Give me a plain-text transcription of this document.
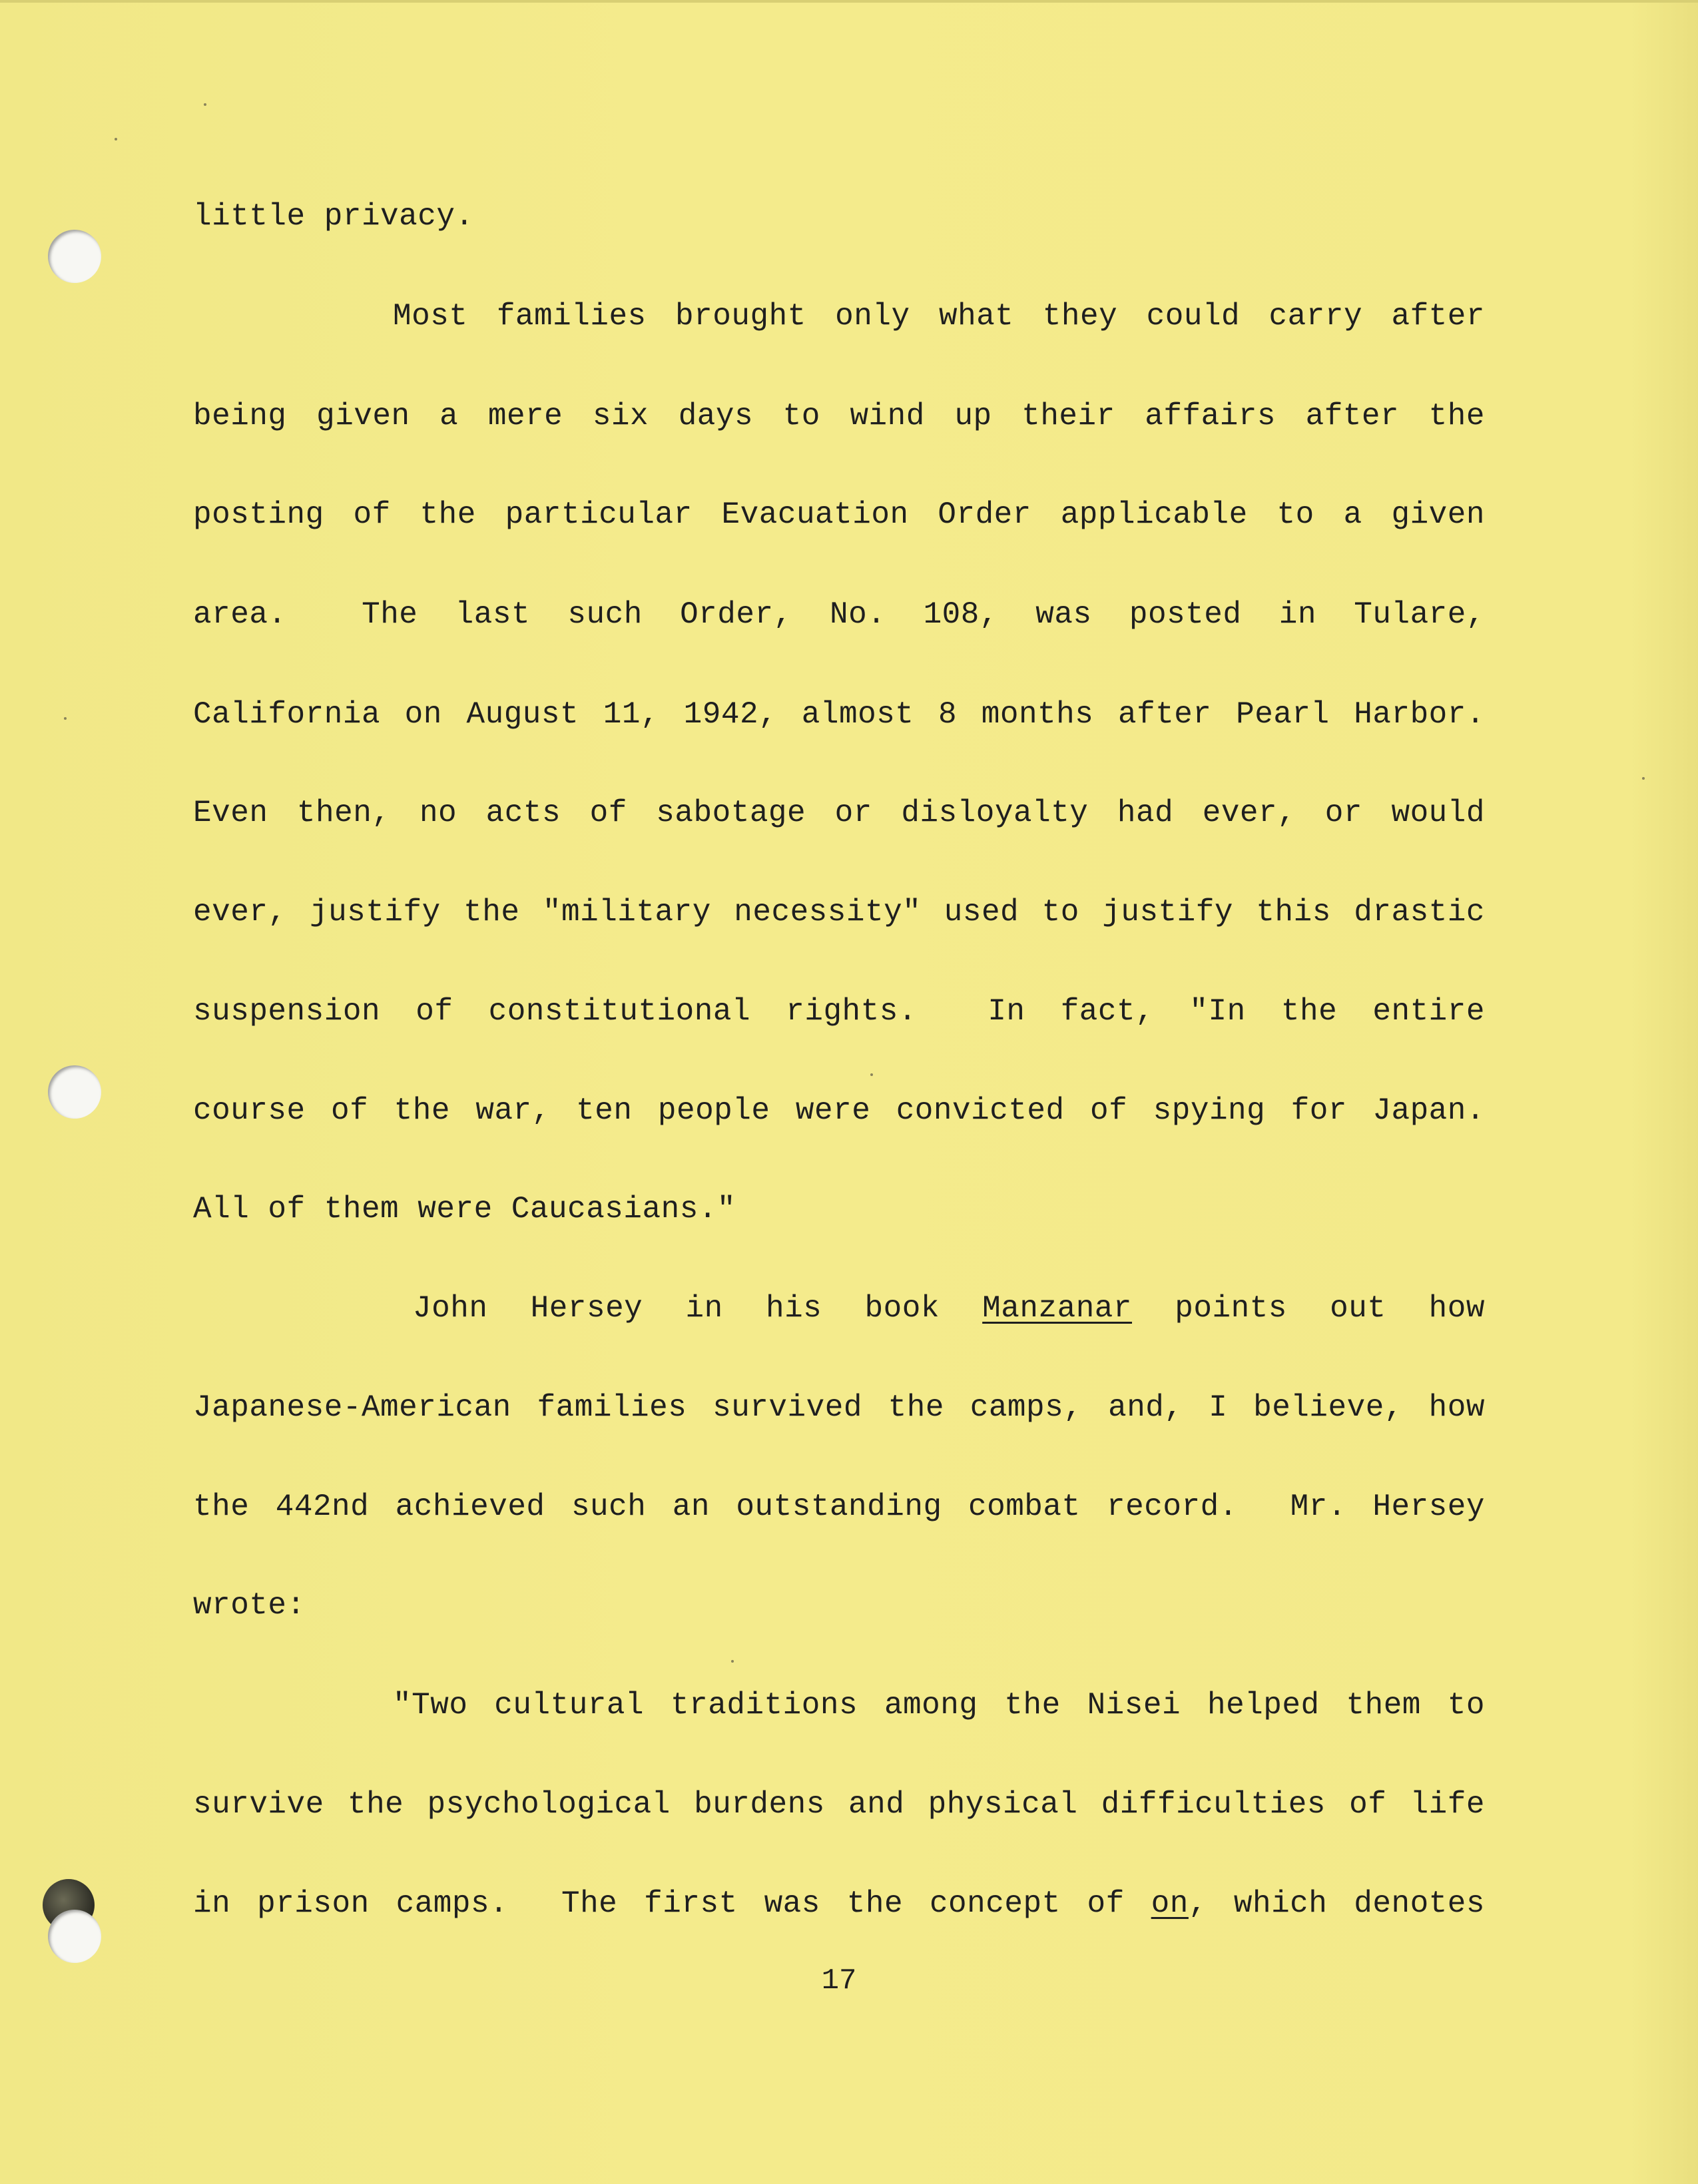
little privacy.
Most families brought only what they could carry after
being given a mere six days to wind up their affairs after the
posting of the particular Evacuation Order applicable to a given
area.  The last such Order, No. 108, was posted in Tulare,
California on August 11, 1942, almost 8 months after Pearl Harbor.
Even then, no acts of sabotage or disloyalty had ever, or would
ever, justify the "military necessity" used to justify this drastic
suspension of constitutional rights.  In fact, "In the entire
course of the war, ten people were convicted of spying for Japan.
All of them were Caucasians."
John Hersey in his book Manzanar points out how
Japanese-American families survived the camps, and, I believe, how
the 442nd achieved such an outstanding combat record.  Mr. Hersey
wrote:
"Two cultural traditions among the Nisei helped them to
survive the psychological burdens and physical difficulties of life
in prison camps.  The first was the concept of on, which denotes
17
